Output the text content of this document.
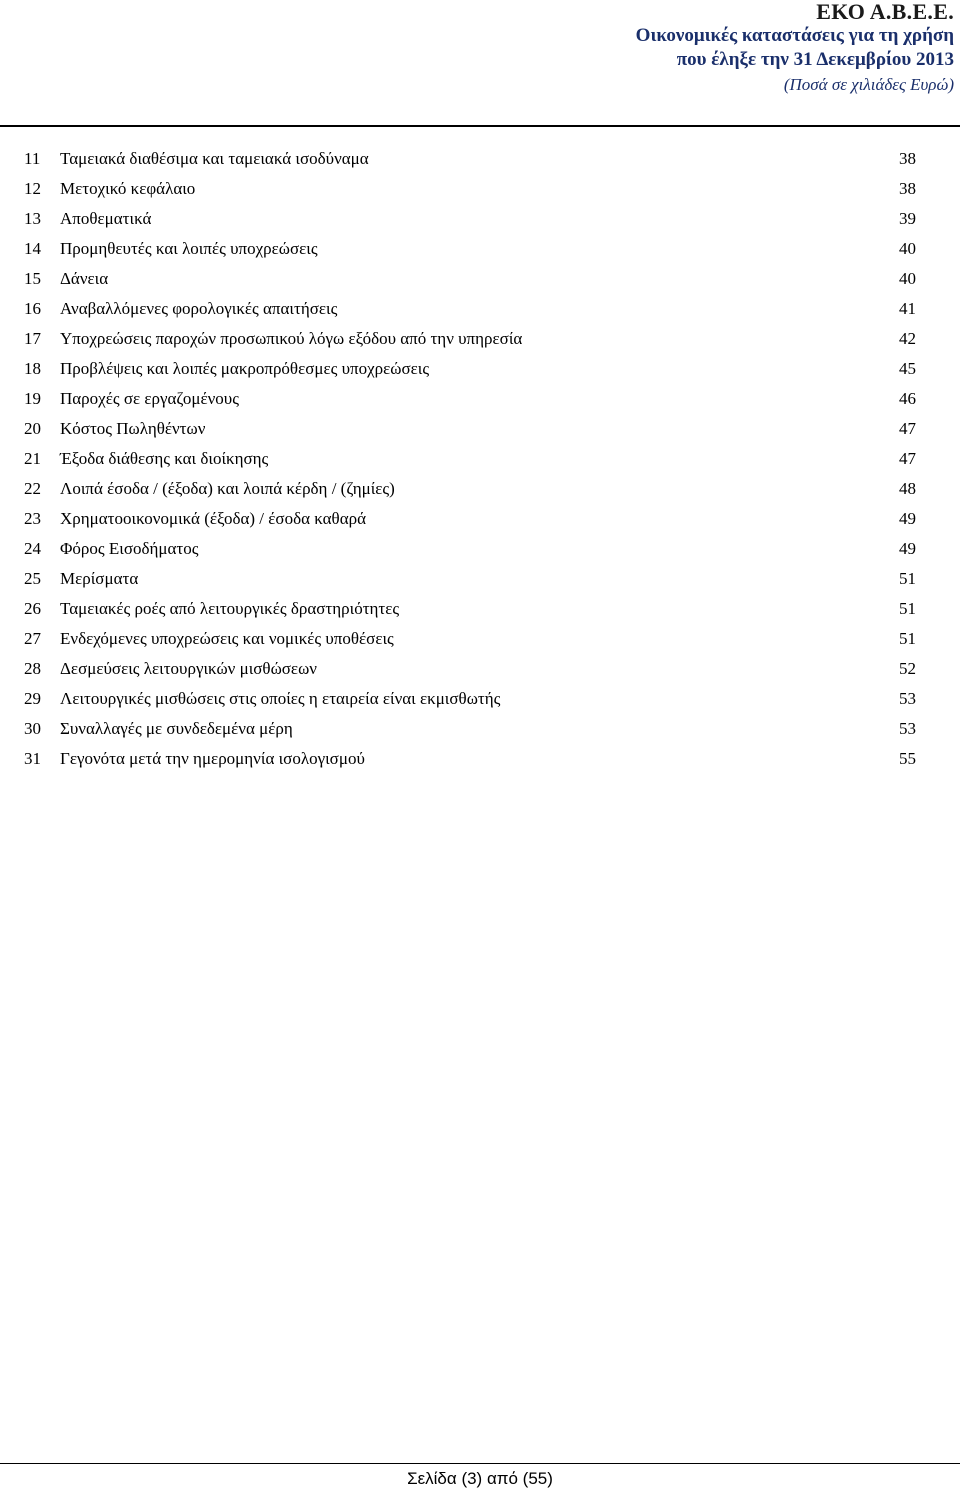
ΕΚΟ Α.Β.Ε.Ε.
Οικονομικές καταστάσεις για τη χρήση
που έληξε την 31 Δεκεμβρίου 2013
(Ποσά σε χιλιάδες Ευρώ)
11	Ταμειακά διαθέσιμα και ταμειακά ισοδύναμα	38
12	Μετοχικό κεφάλαιο	38
13	Αποθεματικά	39
14	Προμηθευτές και λοιπές υποχρεώσεις	40
15	Δάνεια	40
16	Αναβαλλόμενες φορολογικές απαιτήσεις	41
17	Υποχρεώσεις παροχών προσωπικού λόγω εξόδου από την υπηρεσία	42
18	Προβλέψεις και λοιπές μακροπρόθεσμες υποχρεώσεις	45
19	Παροχές σε εργαζομένους	46
20	Κόστος Πωληθέντων	47
21	Έξοδα διάθεσης και διοίκησης	47
22	Λοιπά έσοδα / (έξοδα) και λοιπά κέρδη / (ζημίες)	48
23	Χρηματοοικονομικά (έξοδα) / έσοδα καθαρά	49
24	Φόρος Εισοδήματος	49
25	Μερίσματα	51
26	Ταμειακές ροές από λειτουργικές δραστηριότητες	51
27	Ενδεχόμενες υποχρεώσεις και νομικές υποθέσεις	51
28	Δεσμεύσεις λειτουργικών μισθώσεων	52
29	Λειτουργικές μισθώσεις στις οποίες η εταιρεία είναι εκμισθωτής	53
30	Συναλλαγές με συνδεδεμένα μέρη	53
31	Γεγονότα μετά την ημερομηνία ισολογισμού	55
Σελίδα (3) από (55)
